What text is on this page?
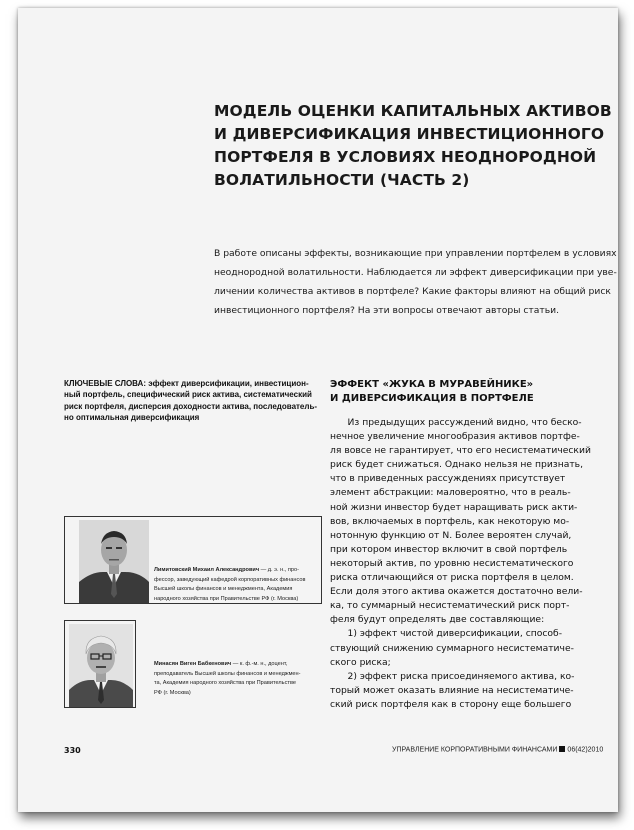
МОДЕЛЬ ОЦЕНКИ КАПИТАЛЬНЫХ АКТИВОВ
И ДИВЕРСИФИКАЦИЯ ИНВЕСТИЦИОННОГО
ПОРТФЕЛЯ В УСЛОВИЯХ НЕОДНОРОДНОЙ
ВОЛАТИЛЬНОСТИ (ЧАСТЬ 2)
В работе описаны эффекты, возникающие при управлении портфелем в условиях
неоднородной волатильности. Наблюдается ли эффект диверсификации при уве-
личении количества активов в портфеле? Какие факторы влияют на общий риск
инвестиционного портфеля? На эти вопросы отвечают авторы статьи.
КЛЮЧЕВЫЕ СЛОВА: эффект диверсификации, инвестицион-
ный портфель, специфический риск актива, систематический
риск портфеля, дисперсия доходности актива, последователь-
но оптимальная диверсификация
ЭФФЕКТ «ЖУКА В МУРАВЕЙНИКЕ»
И ДИВЕРСИФИКАЦИЯ В ПОРТФЕЛЕ
Из предыдущих рассуждений видно, что беско-
нечное увеличение многообразия активов портфе-
ля вовсе не гарантирует, что его несистематический
риск будет снижаться. Однако нельзя не признать,
что в приведенных рассуждениях присутствует
элемент абстракции: маловероятно, что в реаль-
ной жизни инвестор будет наращивать риск акти-
вов, включаемых в портфель, как некоторую мо-
нотонную функцию от N. Более вероятен случай,
при котором инвестор включит в свой портфель
некоторый актив, по уровню несистематического
риска отличающийся от риска портфеля в целом.
Если доля этого актива окажется достаточно вели-
ка, то суммарный несистематический риск порт-
феля будут определять две составляющие:
1) эффект чистой диверсификации, способ-
ствующий снижению суммарного несистематиче-
ского риска;
2) эффект риска присоединяемого актива, ко-
торый может оказать влияние на несистематиче-
ский риск портфеля как в сторону еще большего
Лимитовский Михаил Александрович — д. э. н., про-
фессор, заведующий кафедрой корпоративных финансов
Высшей школы финансов и менеджмента, Академия
народного хозяйства при Правительстве РФ (г. Москва)
Минасян Виген Бабкенович — к. ф.-м. н., доцент,
преподаватель Высшей школы финансов и менеджмен-
та, Академия народного хозяйства при Правительстве
РФ (г. Москва)
330	УПРАВЛЕНИЕ КОРПОРАТИВНЫМИ ФИНАНСАМИ 06(42)2010
